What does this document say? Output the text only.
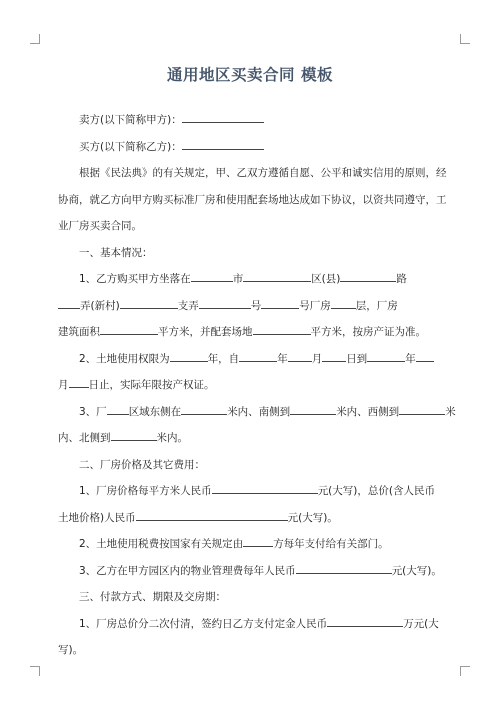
通用地区买卖合同 模板

卖方(以下简称甲方)：

买方(以下简称乙方)：

根据《民法典》的有关规定，甲、乙双方遵循自愿、公平和诚实信用的原则，经

协商，就乙方向甲方购买标准厂房和使用配套场地达成如下协议，以资共同遵守，工

业厂房买卖合同。

一、基本情况：

1、乙方购买甲方坐落在	市	区(县)	路

弄(新村)	支弄	号	号厂房 层，厂房

建筑面积	平方米，并配套场地	平方米，按房产证为准。

2、土地使用权限为	年，自	年 月 日到	年

月 日止，实际年限按产权证。

3、厂 区域东侧在	米内、南侧到	米内、西侧到	米

内、北侧到	米内。

二、厂房价格及其它费用：

1、厂房价格每平方米人民币	元(大写)，总价(含人民币

土地价格)人民币	元(大写)。

2、土地使用税费按国家有关规定由	方每年支付给有关部门。

3、乙方在甲方园区内的物业管理费每年人民币	元(大写)。

三、付款方式、期限及交房期：

1、厂房总价分二次付清，签约日乙方支付定金人民币	万元(大

写)。
